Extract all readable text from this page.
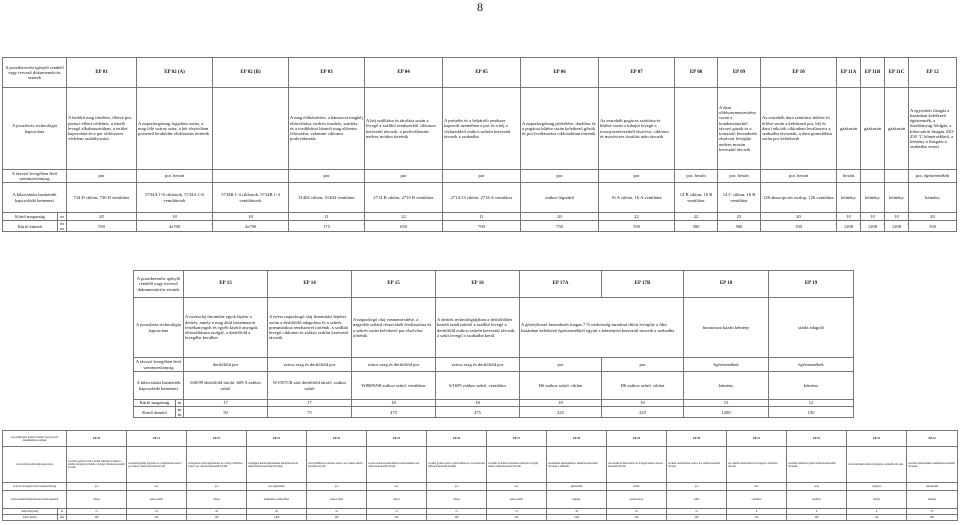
8
A posztkeresést igénylő rendelő vagy tervező dokumentációs szintek		EP 01	EP 02 (A)	EP 02 (B)	EP 03	EP 04	EP 05	EP 06	EP 07	EP 08	EP 09	EP 10	EP 11A	EP 11B	EP 11C	EP 12
A posztferia technológia kapcsolata		A betöltő mag tüzelése, illetve por, pernye elleni védelme, a tüzelő levegő alkalmazásában, a terület kapcsolata és a por oldószeres védelem szabályozása	A napraforgómag fogadása során, a mag fölé száraz szita, a két elszívóban porszerű lerakódás elválasztás történik		A mag előkészítése, a hámozott maghéj eltávolítása, nedves tisztítás, szárítás, és a továbbított hántolt mag előzetes felosztása, valamint ciklonos porleválasztás	A héj szállítása és tárolása során a levegő a szállító rendszerből ciklonon keresztül távozik, a porleválasztás nedves módon történik	A préselés és a héjtároló rendszer kapcsolt üzemében a por és a héj a ciklonokból zsákos szűrőn keresztül távozik a szabadba	A napraforgómag pörkölése, darálása és a pogácsa hűtése során keletkező gőzök és por leválasztása ciklonokban történik	Az extrahált pogácsa szárítása és hűtése során a kihajtó levegő a toronyszerkezetből elszívva, ciklonos és mosóvizes tisztítás után távozik		A dara oldószermentesítése során a kondenzátorból távozó gázok és a toasztoló berendezés elszívott levegője nedves mosón keresztül távozik	Az extrahált dara szárítása, hűtése és őrlése során a keletkező por, héj és dara frakciók ciklonban leválasztva a szabadba távoznak, a dara granulálása során por keletkezik	gázkazán	gázkazán	gázkazán	A egyesített füstgáz a kazánban keletkező égéstermék, a tüzelőanyag földgáz, a kibocsátott füstgáz 230-250 °C hőmérsékletű, a kémény a füstgázt a szabadba vezeti
A távozó levegőben lévő szennyezőanyag		por	por, hexán		por	por	por	por	por	por, hexán	por, hexán	por, hexán	hexán			por, égéstermékek
A kibocsátási határérték kapcsolódó bemeneti		734 D ciklon, 736 D ventilátor	5734A 1-6 ciklonok, 5734A 1-6 ventilátorok	5734B 1-4 ciklonok, 5734B 1-4 ventilátorok	31404 ciklon, 31404 ventilátor	2714 B ciklon, 2716 B ventilátor	2714/13 ciklon, 2716 A ventilátor	zsákos légszűrő	16 A ciklon, 16 A ventilátor	14 B ciklon, 16 B ventilátor	14 C ciklon, 16 B ventilátor	120 abszorpciós oszlop, 126 ventilátor	kémény	kémény	kémény	kémény
Kürtő magasság	m	20	18	18	11	22	11	20	22	22	22	20	10	10	10	20
Kürtő átmérő	mm	550	4x700	4x700	175	650	700	750	550	500	500	150	1200	1200	1200	350
A posztkeresést igénylő rendelő vagy tervező dokumentációs szintek		EP 13	EP 14	EP 15	EP 16	EP 17A	EP 17B	EP 18	EP 19
A posztferia technológia kapcsolata		A nyersolaj finomítás egyik lépése a derítés, amely a mag által tartalmazott festékanyagok és egyéb kísérő anyagok eltávolítására szolgál, a derítőföld a levegőbe kerülhet	A nyers napraforgó olaj finomítási lépései során a derítőföld adagolása és a szűrés pneumatikus rendszerrel történik, a szállító levegő ciklonon és zsákos szűrőn keresztül távozik	A napraforgó olaj vasmentesítése, a nagyobb szilárd részecskék leválasztása és a szűrés során keletkező por elszívása történik	A derítés technológiájában a derítőföldes kezelő tartályokból a szállító levegő a derítőföld zsákos szűrőn keresztül távozik, a szűrt levegő a szabadba kerül	A gőzfejlesztő berendezés magas 7 % nedvesség-tartalmú fűtött levegője a fűtő kazánban keletkező égéstermékkel együtt a kéményen keresztül távozik a szabadba		biomassza kazán kémény	szóda adagoló
A távozó levegőben lévő szennyezőanyag		derítőföld por	zsíros szag és derítőföld por	zsíros szag és derítőföld por	zsíros szag és derítőföld por	por	por	égéstermékek	égéstermékek
A kibocsátási határérték kapcsolódó bemeneti		630/09 derítőföld tároló, 609 A zsákos szűrő	W1057CR zárt derítőföld tároló, zsákos szűrő	W8009AB zsákos szűrő, ventilátor	6/1695 zsákos szűrő, ventilátor	D6 zsákos szűrő, ciklon	D6 zsákos szűrő, ciklon	kémény	kémény
Kürtő magasság	m	17	17	18	18	10	10	15	12
Kürtő átmérő	mm	50	75	475	475	225	225	1200	150
A posztkeresést igénylő rendelő vagy tervező dokumentációs szintek		EP 20	EP 21	EP 22	EP 23	EP 24	EP 25	EP 26	EP 27	EP 28	EP 29	EP 30	EP 31	EP 32	EP 33	EP 34
A posztferia technológia kapcsolata		A lecitin gyártás során a lecitin szárítása és hűtése a szállító levegővel történik, a levegő ciklonon keresztül távozik	A napraforgómag fogadása és a magtisztítás során a por zsákos szűrőn keresztül távozik	A magtároló silók légtelenítése és a mag továbbítása során a por ciklonon keresztül távozik	A héjégető kazán égéstermékei multiciklonon és elektrofilteren keresztül távoznak	A héj szállítása és tárolása során a por zsákos szűrőn keresztül távozik	A dara tárolása és kiszállítása során keletkező por ciklonon keresztül távozik	A pellet gyártás során a pellet hűtése és a por elszívása ciklonon keresztül történik	A tisztító és hámozó üzemrész elszívott levegője zsákos szűrőn keresztül távozik	A kazánház égéstermékei a kéményen keresztül távoznak a szabadba	Az extrakciós üzem elszívott levegője nedves mosón keresztül távozik	A raktár szellőztetése során a por szűrőn keresztül távozik	Az olajtöltő üzem elszívott levegője a szabadba távozik	A szennyvíztisztító gázai biofilteren keresztül távoznak	A laboratórium elszívott levegője a szabadba távozik	A szárító égéstermékei a kéményen keresztül távoznak
A távozó levegőben lévő szennyezőanyag		por	por	por	por, égéstermék	por	por	por	por	égéstermék	hexán	por	illat	szag	vegyszer	égéstermék
A kibocsátási határérték kapcsolódó bemeneti		ciklon	zsákos szűrő	ciklon	multiciklon, elektrofilter	zsákos szűrő	ciklon	ciklon	zsákos szűrő	kémény	nedves mosó	szűrő	ventilátor	biofilter	elszívó	kémény
Kürtő magasság	m	12	18	20	40	16	14	12	15	30	22	10	8	6	9	25
Kürtő átmérő	mm	300	450	500	1400	400	350	300	450	1000	250	200	150	300	120	600
